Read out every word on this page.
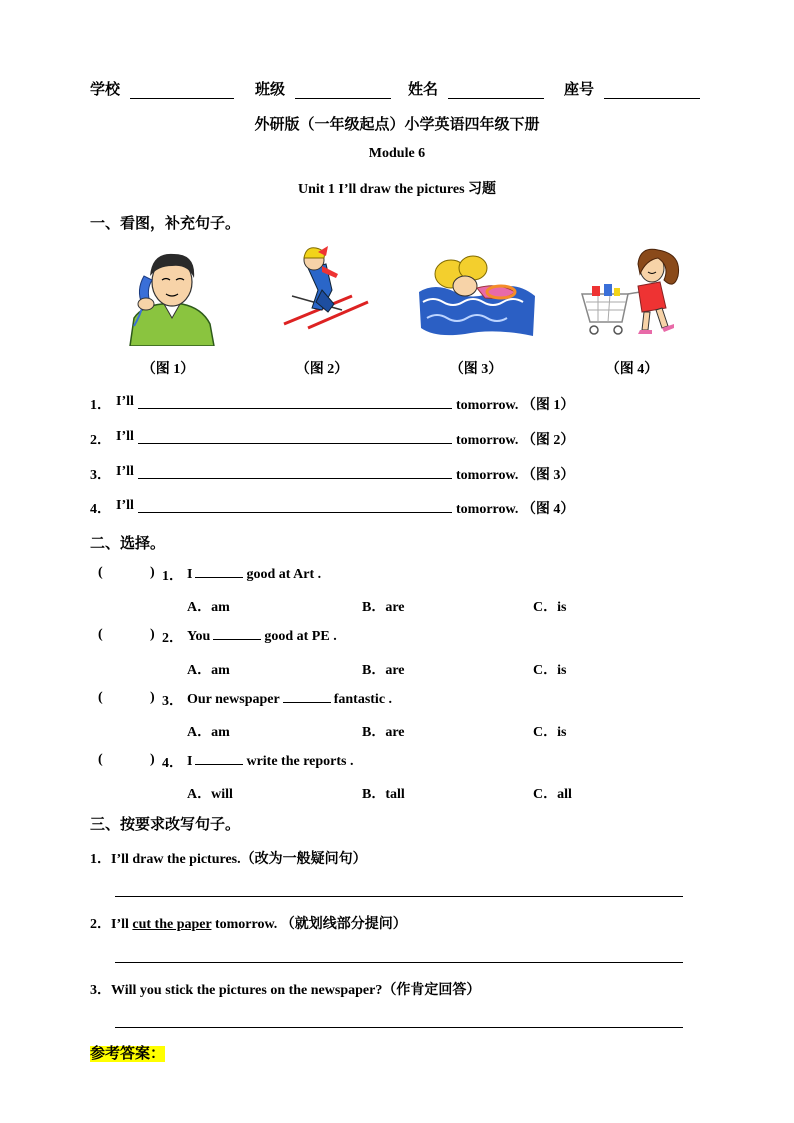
学校	班级	姓名	座号
外研版（一年级起点）小学英语四年级下册
Module 6
Unit 1 I’ll draw the pictures 习题
一、看图，补充句子。
（图 1）	（图 2）	（图 3）	（图 4）
1． I’ll	tomorrow. （图 1）
2． I’ll	tomorrow. （图 2）
3． I’ll	tomorrow. （图 3）
4． I’ll	tomorrow. （图 4）
二、选择。
(	) 1． I	good at Art .
A．am	B．are	C．is
(	) 2． You	good at PE .
A．am	B．are	C．is
(	) 3． Our newspaper	fantastic .
A．am	B．are	C．is
(	) 4． I	write the reports .
A．will	B．tall	C．all
三、按要求改写句子。
1．I’ll draw the pictures.（改为一般疑问句）
2．I’ll cut the paper tomorrow. （就划线部分提问）
3．Will you stick the pictures on the newspaper?（作肯定回答）
参考答案：
